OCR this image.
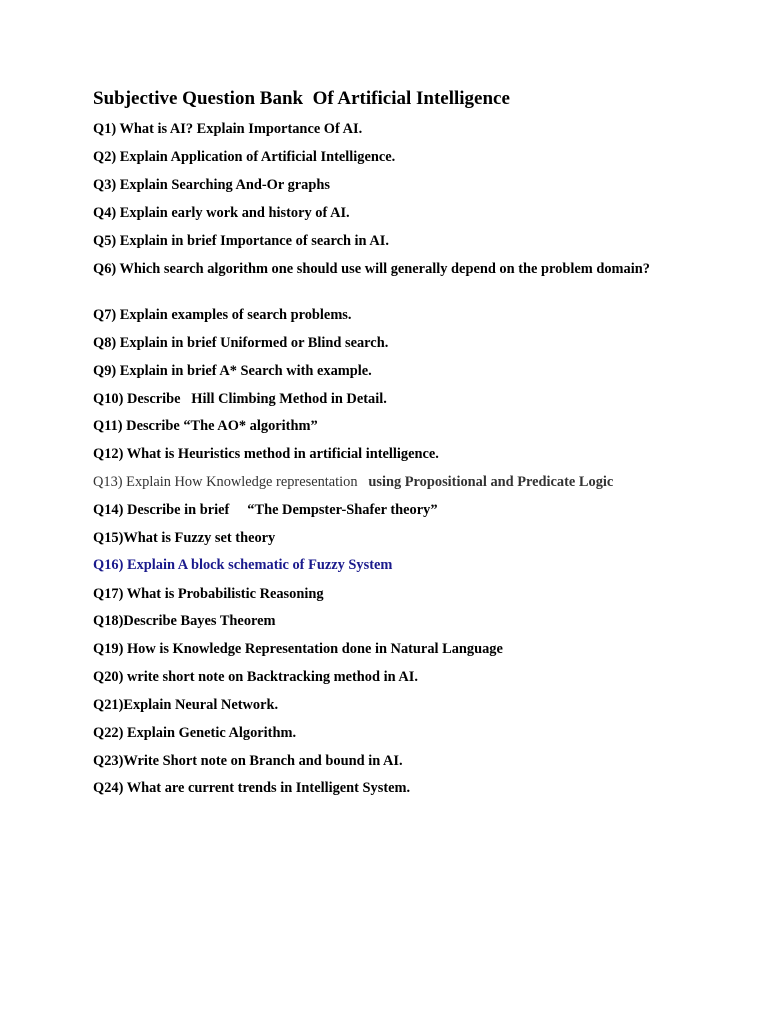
Subjective Question Bank  Of Artificial Intelligence
Q1) What is AI? Explain Importance Of AI.
Q2) Explain Application of Artificial Intelligence.
Q3) Explain Searching And-Or graphs
Q4) Explain early work and history of AI.
Q5) Explain in brief Importance of search in AI.
Q6) Which search algorithm one should use will generally depend on the problem domain?
Q7) Explain examples of search problems.
Q8) Explain in brief Uniformed or Blind search.
Q9) Explain in brief A* Search with example.
Q10) Describe   Hill Climbing Method in Detail.
Q11) Describe “The AO* algorithm”
Q12) What is Heuristics method in artificial intelligence.
Q13) Explain How Knowledge representation   using Propositional and Predicate Logic
Q14) Describe in brief     “The Dempster-Shafer theory”
Q15)What is Fuzzy set theory
Q16) Explain A block schematic of Fuzzy System
Q17) What is Probabilistic Reasoning
Q18)Describe Bayes Theorem
Q19) How is Knowledge Representation done in Natural Language
Q20) write short note on Backtracking method in AI.
Q21)Explain Neural Network.
Q22) Explain Genetic Algorithm.
Q23)Write Short note on Branch and bound in AI.
Q24) What are current trends in Intelligent System.
